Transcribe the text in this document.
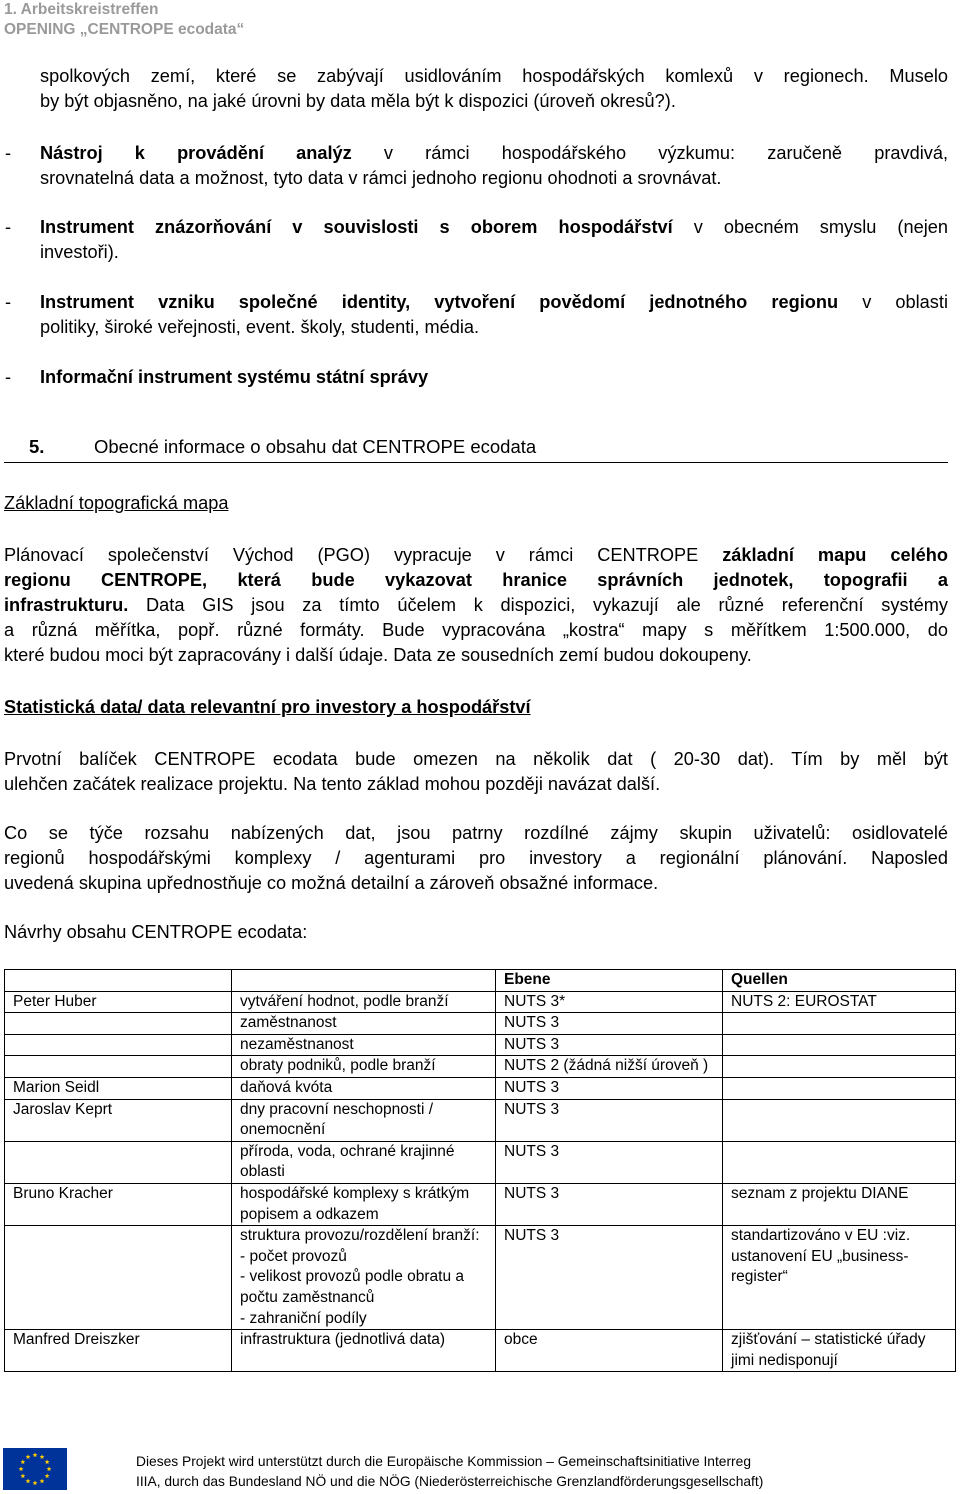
1. Arbeitskreistreffen
OPENING „CENTROPE ecodata“
spolkových zemí, které se zabývají usidlováním hospodářských komlexů v regionech. Muselo
by být objasněno, na jaké úrovni by data měla být k dispozici (úroveň okresů?).
- Nástroj k provádění analýz v rámci hospodářského výzkumu: zaručeně pravdivá,
srovnatelná data a možnost, tyto data v rámci jednoho regionu ohodnoti a srovnávat.
- Instrument znázorňování v souvislosti s oborem hospodářství v obecném smyslu (nejen
investoři).
- Instrument vzniku společné identity, vytvoření povědomí jednotného regionu v oblasti
politiky, široké veřejnosti, event. školy, studenti, média.
- Informační instrument systému státní správy
5.	Obecné informace o obsahu dat CENTROPE ecodata
Základní topografická mapa
Plánovací společenství Východ (PGO) vypracuje v rámci CENTROPE základní mapu celého
regionu CENTROPE, která bude vykazovat hranice správních jednotek, topografii a
infrastrukturu. Data GIS jsou za tímto účelem k dispozici, vykazují ale různé referenční systémy
a různá měřítka, popř. různé formáty. Bude vypracována „kostra“ mapy s měřítkem 1:500.000, do
které budou moci být zapracovány i další údaje. Data ze sousedních zemí budou dokoupeny.
Statistická data/ data relevantní pro investory a hospodářství
Prvotní balíček CENTROPE ecodata bude omezen na několik dat ( 20-30 dat). Tím by měl být
ulehčen začátek realizace projektu. Na tento základ mohou později navázat další.
Co se týče rozsahu nabízených dat, jsou patrny rozdílné zájmy skupin uživatelů: osidlovatelé
regionů hospodářskými komplexy / agenturami pro investory a regionální plánování. Naposled
uvedená skupina upřednostňuje co možná detailní a zároveň obsažné informace.
Návrhy obsahu CENTROPE ecodata:
		Ebene	Quellen
Peter Huber	vytváření hodnot, podle branží	NUTS 3*	NUTS 2: EUROSTAT
	zaměstnanost	NUTS 3	
	nezaměstnanost	NUTS 3	
	obraty podniků, podle branží	NUTS 2 (žádná nižší úroveň )	
Marion Seidl	daňová kvóta	NUTS 3	
Jaroslav Keprt	dny pracovní neschopnosti / onemocnění	NUTS 3	
	příroda, voda, ochrané krajinné oblasti	NUTS 3	
Bruno Kracher	hospodářské komplexy s krátkým popisem a odkazem	NUTS 3	seznam z projektu DIANE
	struktura provozu/rozdělení branží:
- počet provozů
- velikost provozů podle obratu a počtu zaměstnanců
- zahraniční podíly	NUTS 3	standartizováno v EU :viz. ustanovení EU „business-register“
Manfred Dreiszker	infrastruktura (jednotlivá data)	obce	zjišťování – statistické úřady jimi nedisponují
Dieses Projekt wird unterstützt durch die Europäische Kommission – Gemeinschaftsinitiative Interreg
IIIA, durch das Bundesland NÖ und die NÖG (Niederösterreichische Grenzlandförderungsgesellschaft)
